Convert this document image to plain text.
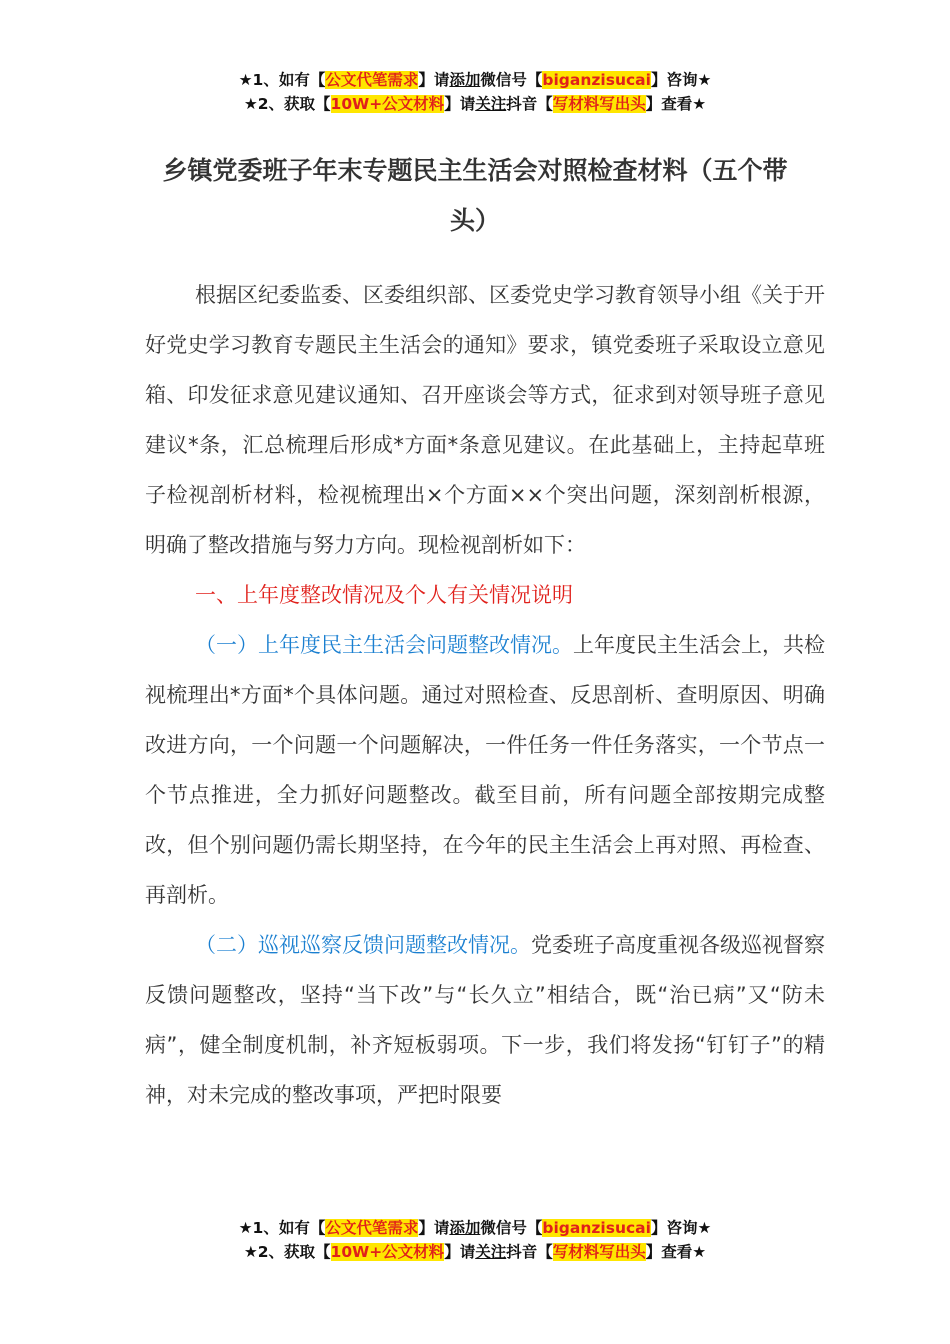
★1、如有【公文代笔需求】请添加微信号【biganzisucai】咨询★
★2、获取【10W+公文材料】请关注抖音【写材料写出头】查看★
乡镇党委班子年末专题民主生活会对照检查材料（五个带头）

根据区纪委监委、区委组织部、区委党史学习教育领导小组《关于开好党史学习教育专题民主生活会的通知》要求，镇党委班子采取设立意见箱、印发征求意见建议通知、召开座谈会等方式，征求到对领导班子意见建议*条，汇总梳理后形成*方面*条意见建议。在此基础上，主持起草班子检视剖析材料，检视梳理出×个方面××个突出问题，深刻剖析根源，明确了整改措施与努力方向。现检视剖析如下：

一、上年度整改情况及个人有关情况说明

（一）上年度民主生活会问题整改情况。上年度民主生活会上，共检视梳理出*方面*个具体问题。通过对照检查、反思剖析、查明原因、明确改进方向，一个问题一个问题解决，一件任务一件任务落实，一个节点一个节点推进，全力抓好问题整改。截至目前，所有问题全部按期完成整改，但个别问题仍需长期坚持，在今年的民主生活会上再对照、再检查、再剖析。

（二）巡视巡察反馈问题整改情况。党委班子高度重视各级巡视督察反馈问题整改，坚持“当下改”与“长久立”相结合，既“治已病”又“防未病”，健全制度机制，补齐短板弱项。下一步，我们将发扬“钉钉子”的精神，对未完成的整改事项，严把时限要

★1、如有【公文代笔需求】请添加微信号【biganzisucai】咨询★
★2、获取【10W+公文材料】请关注抖音【写材料写出头】查看★
